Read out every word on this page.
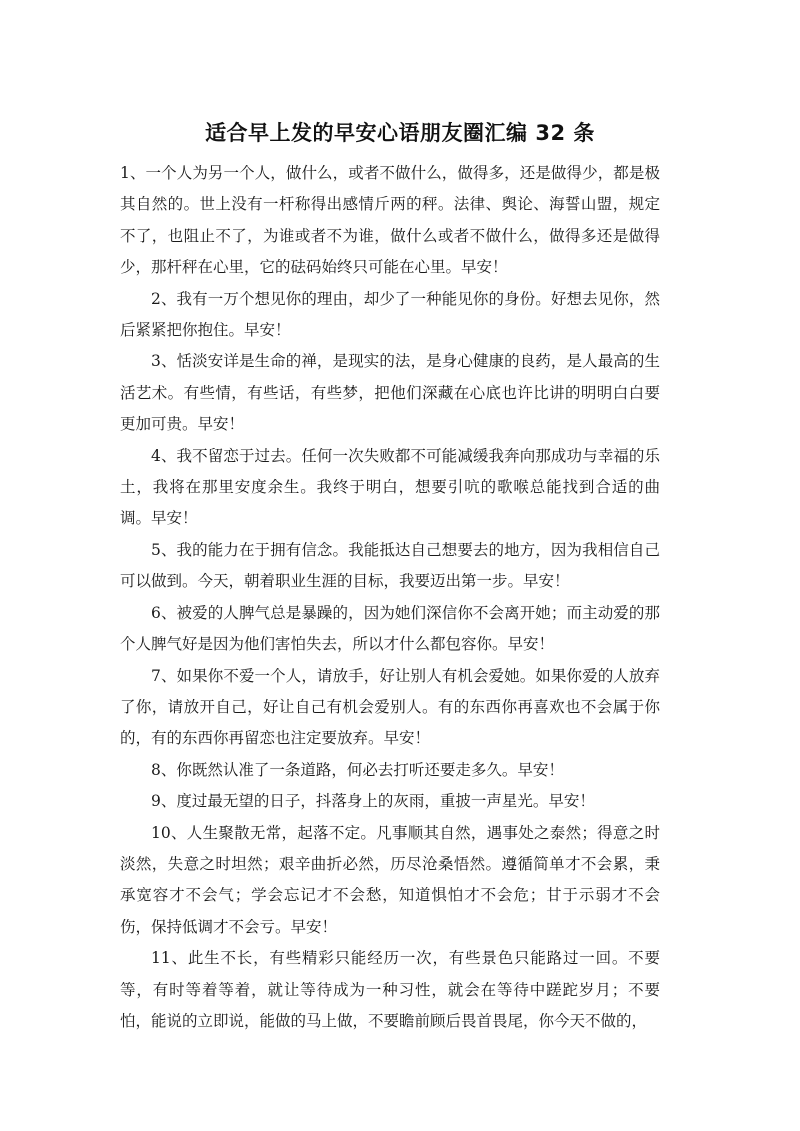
适合早上发的早安心语朋友圈汇编 32 条

1、一个人为另一个人，做什么，或者不做什么，做得多，还是做得少，都是极其自然的。世上没有一杆称得出感情斤两的秤。法律、舆论、海誓山盟，规定不了，也阻止不了，为谁或者不为谁，做什么或者不做什么，做得多还是做得少，那杆秤在心里，它的砝码始终只可能在心里。早安！

2、我有一万个想见你的理由，却少了一种能见你的身份。好想去见你，然后紧紧把你抱住。早安！

3、恬淡安详是生命的禅，是现实的法，是身心健康的良药，是人最高的生活艺术。有些情，有些话，有些梦，把他们深藏在心底也许比讲的明明白白要更加可贵。早安！

4、我不留恋于过去。任何一次失败都不可能减缓我奔向那成功与幸福的乐土，我将在那里安度余生。我终于明白，想要引吭的歌喉总能找到合适的曲调。早安！

5、我的能力在于拥有信念。我能抵达自己想要去的地方，因为我相信自己可以做到。今天，朝着职业生涯的目标，我要迈出第一步。早安！

6、被爱的人脾气总是暴躁的，因为她们深信你不会离开她；而主动爱的那个人脾气好是因为他们害怕失去，所以才什么都包容你。早安！

7、如果你不爱一个人，请放手，好让别人有机会爱她。如果你爱的人放弃了你，请放开自己，好让自己有机会爱别人。有的东西你再喜欢也不会属于你的，有的东西你再留恋也注定要放弃。早安！

8、你既然认准了一条道路，何必去打听还要走多久。早安！

9、度过最无望的日子，抖落身上的灰雨，重披一声星光。早安！

10、人生聚散无常，起落不定。凡事顺其自然，遇事处之泰然；得意之时淡然，失意之时坦然；艰辛曲折必然，历尽沧桑悟然。遵循简单才不会累，秉承宽容才不会气；学会忘记才不会愁，知道惧怕才不会危；甘于示弱才不会伤，保持低调才不会亏。早安！

11、此生不长，有些精彩只能经历一次，有些景色只能路过一回。不要等，有时等着等着，就让等待成为一种习性，就会在等待中蹉跎岁月；不要怕，能说的立即说，能做的马上做，不要瞻前顾后畏首畏尾，你今天不做的，
